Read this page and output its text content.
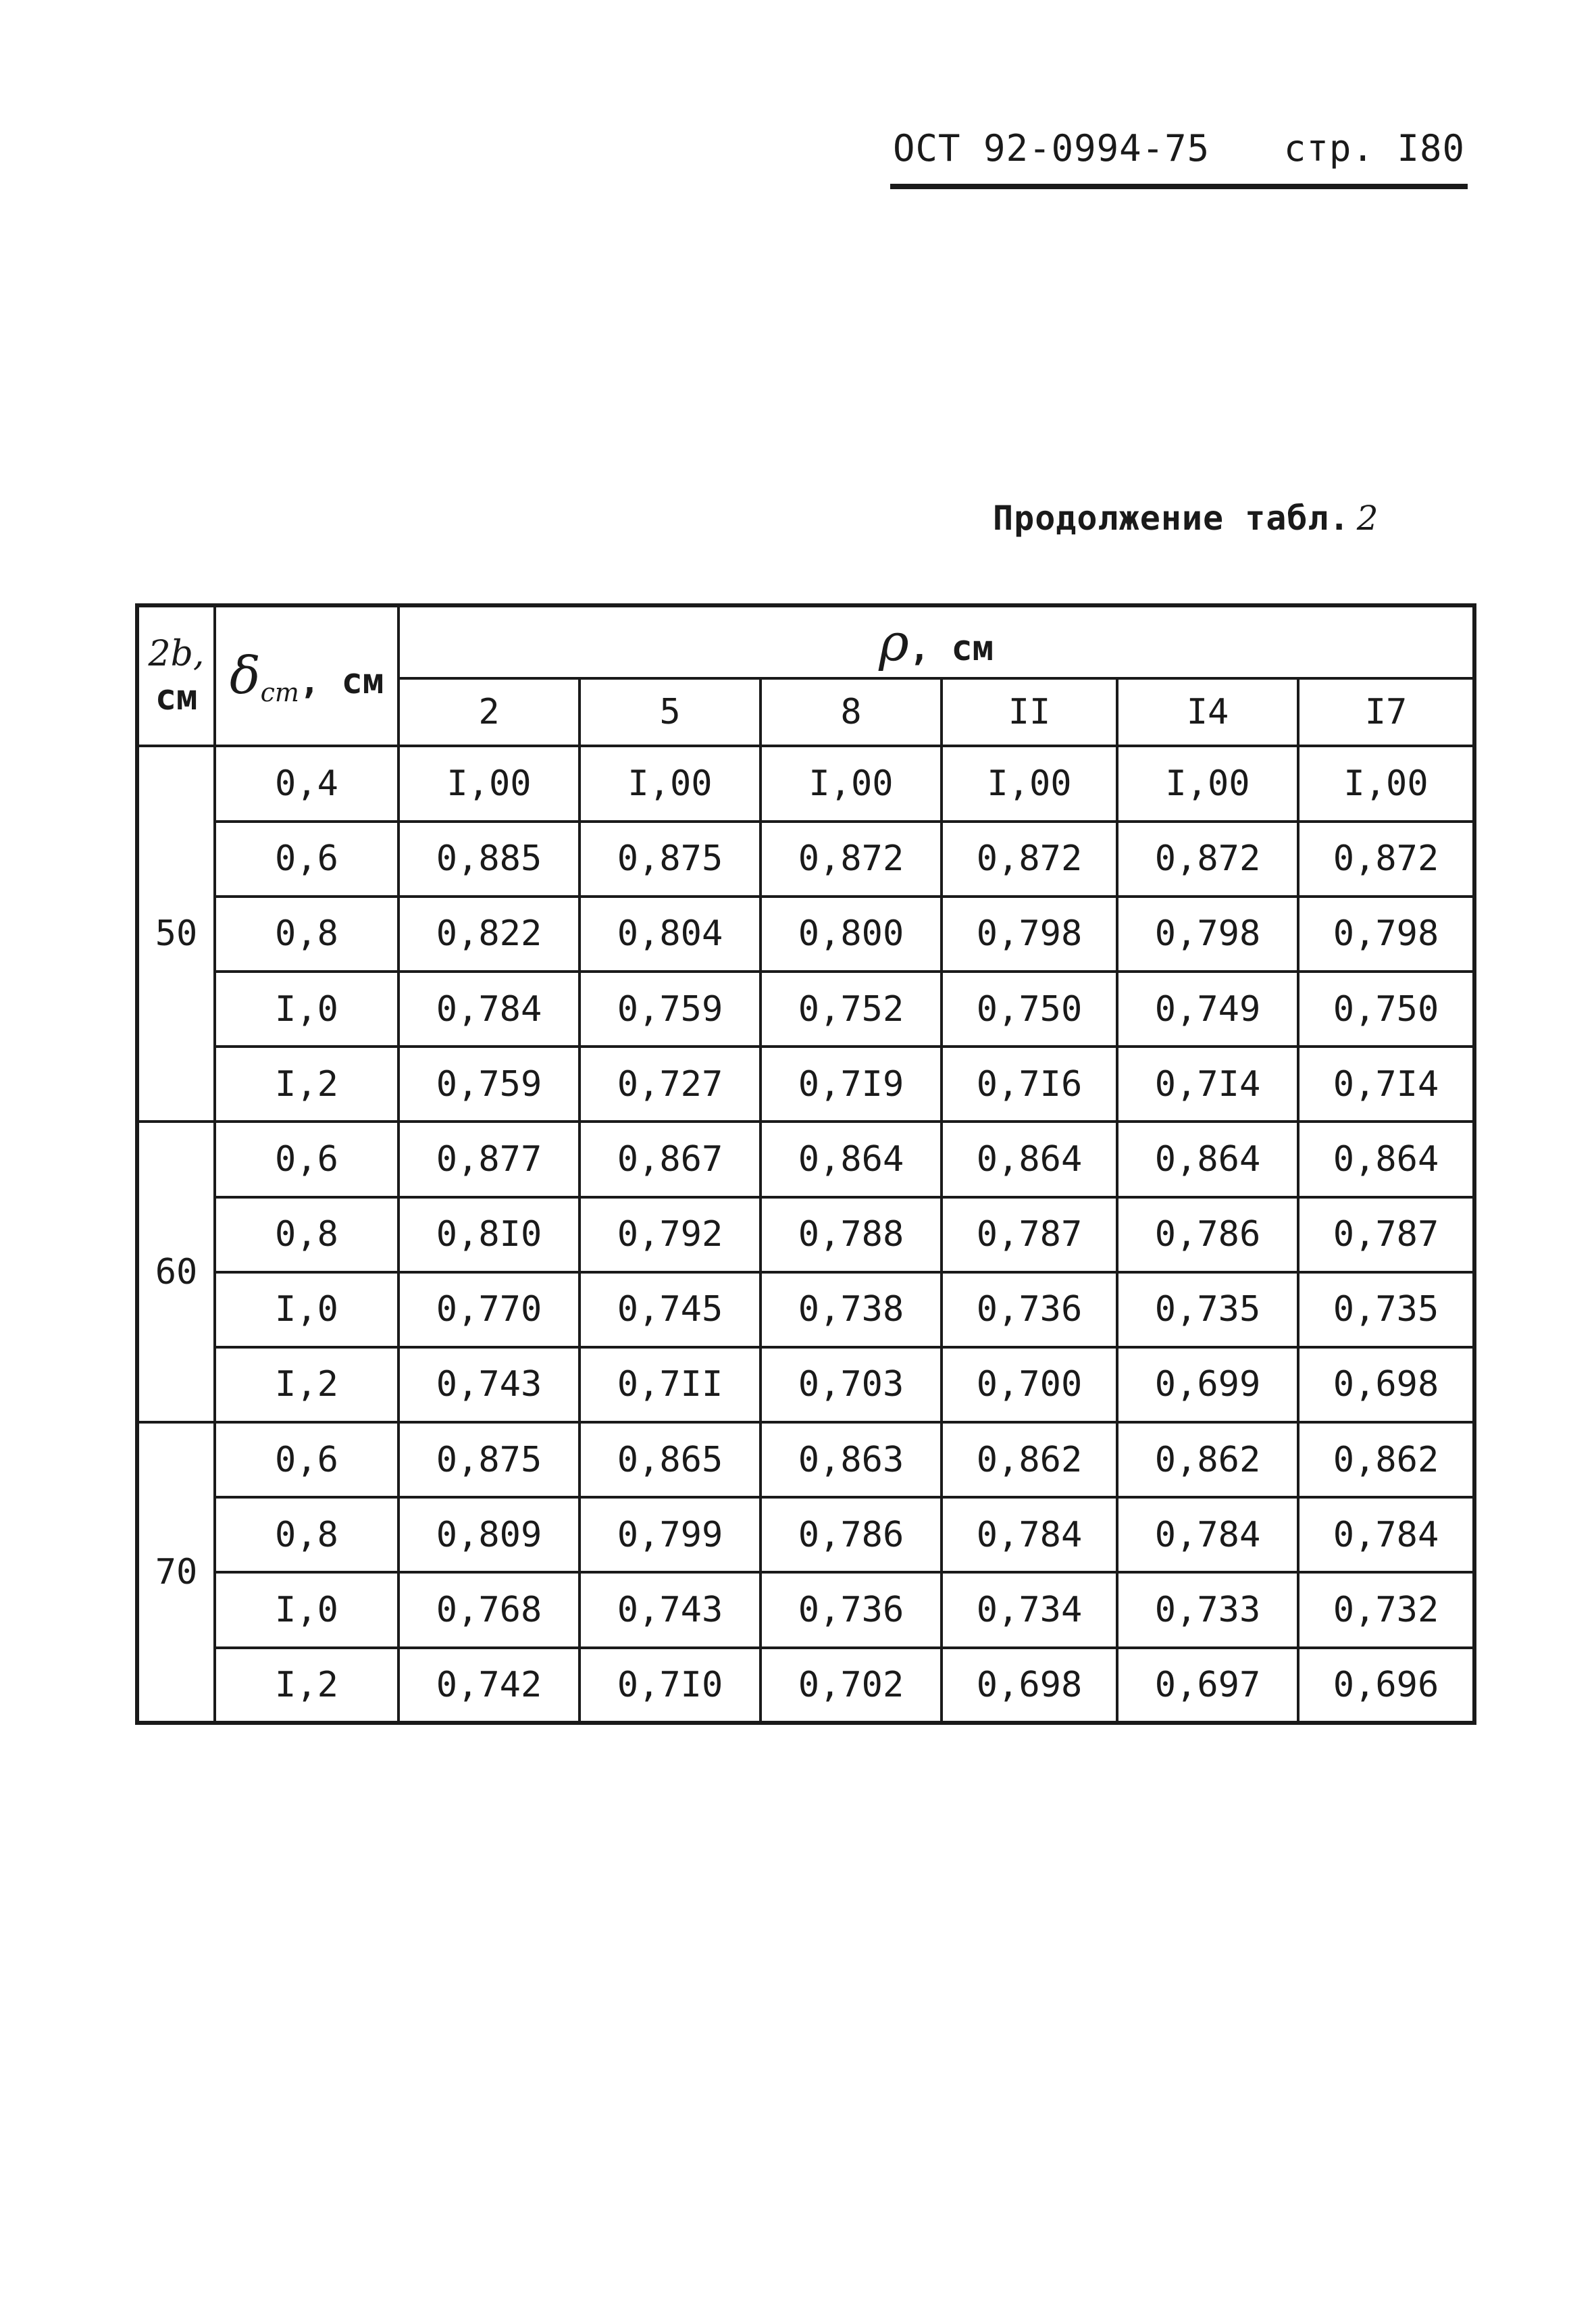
ОСТ 92-0994-75 стр. I80
Продолжение табл. 2
2b,
см	$\delta_{cт}$, см	ρ, см					
		2	5	8	II	I4	I7
50	0,4	I,00	I,00	I,00	I,00	I,00	I,00
	0,6	0,885	0,875	0,872	0,872	0,872	0,872
	0,8	0,822	0,804	0,800	0,798	0,798	0,798
	I,0	0,784	0,759	0,752	0,750	0,749	0,750
	I,2	0,759	0,727	0,7I9	0,7I6	0,7I4	0,7I4
60	0,6	0,877	0,867	0,864	0,864	0,864	0,864
	0,8	0,8I0	0,792	0,788	0,787	0,786	0,787
	I,0	0,770	0,745	0,738	0,736	0,735	0,735
	I,2	0,743	0,7II	0,703	0,700	0,699	0,698
70	0,6	0,875	0,865	0,863	0,862	0,862	0,862
	0,8	0,809	0,799	0,786	0,784	0,784	0,784
	I,0	0,768	0,743	0,736	0,734	0,733	0,732
	I,2	0,742	0,7I0	0,702	0,698	0,697	0,696
